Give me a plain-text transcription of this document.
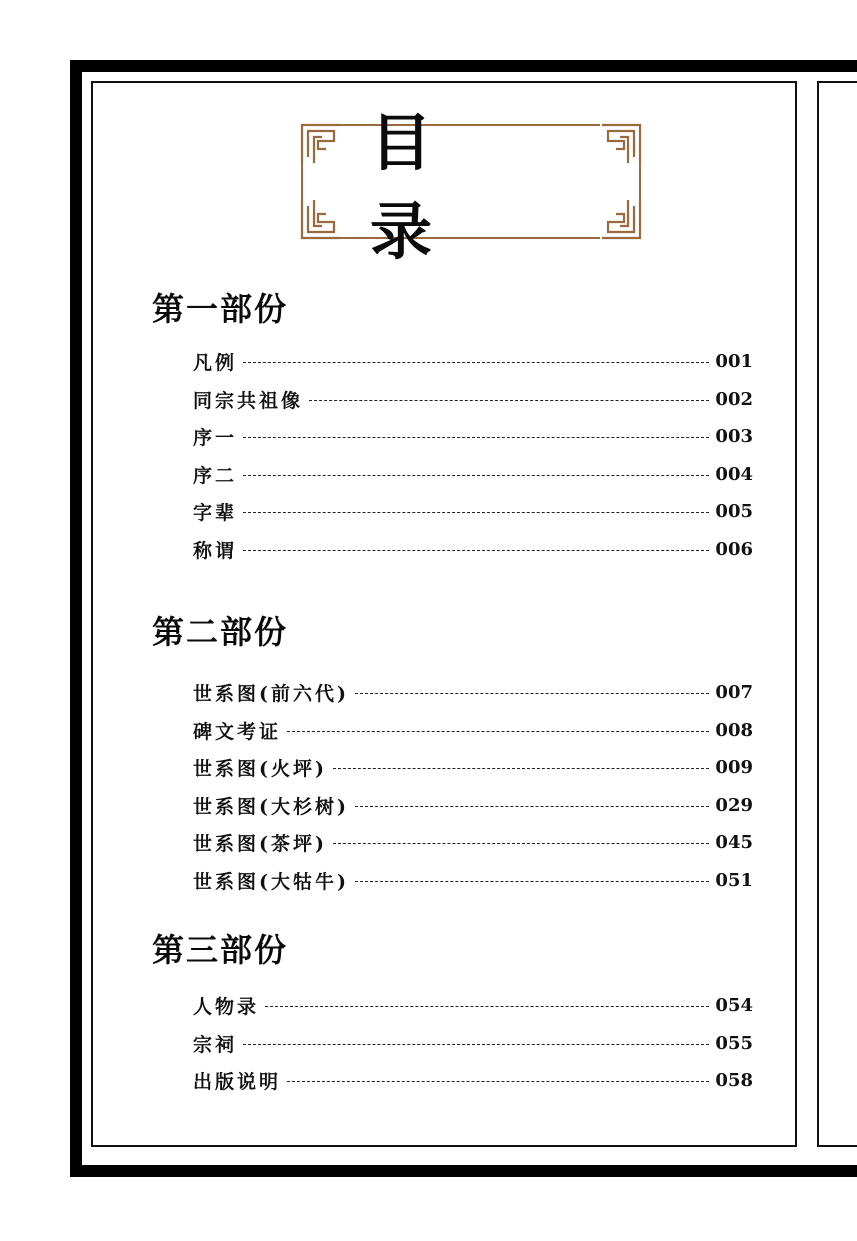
目　录
第一部份
凡例	001
同宗共祖像	002
序一	003
序二	004
字辈	005
称谓	006
第二部份
世系图(前六代)	007
碑文考证	008
世系图(火坪)	009
世系图(大杉树)	029
世系图(茶坪)	045
世系图(大牯牛)	051
第三部份
人物录	054
宗祠	055
出版说明	058
